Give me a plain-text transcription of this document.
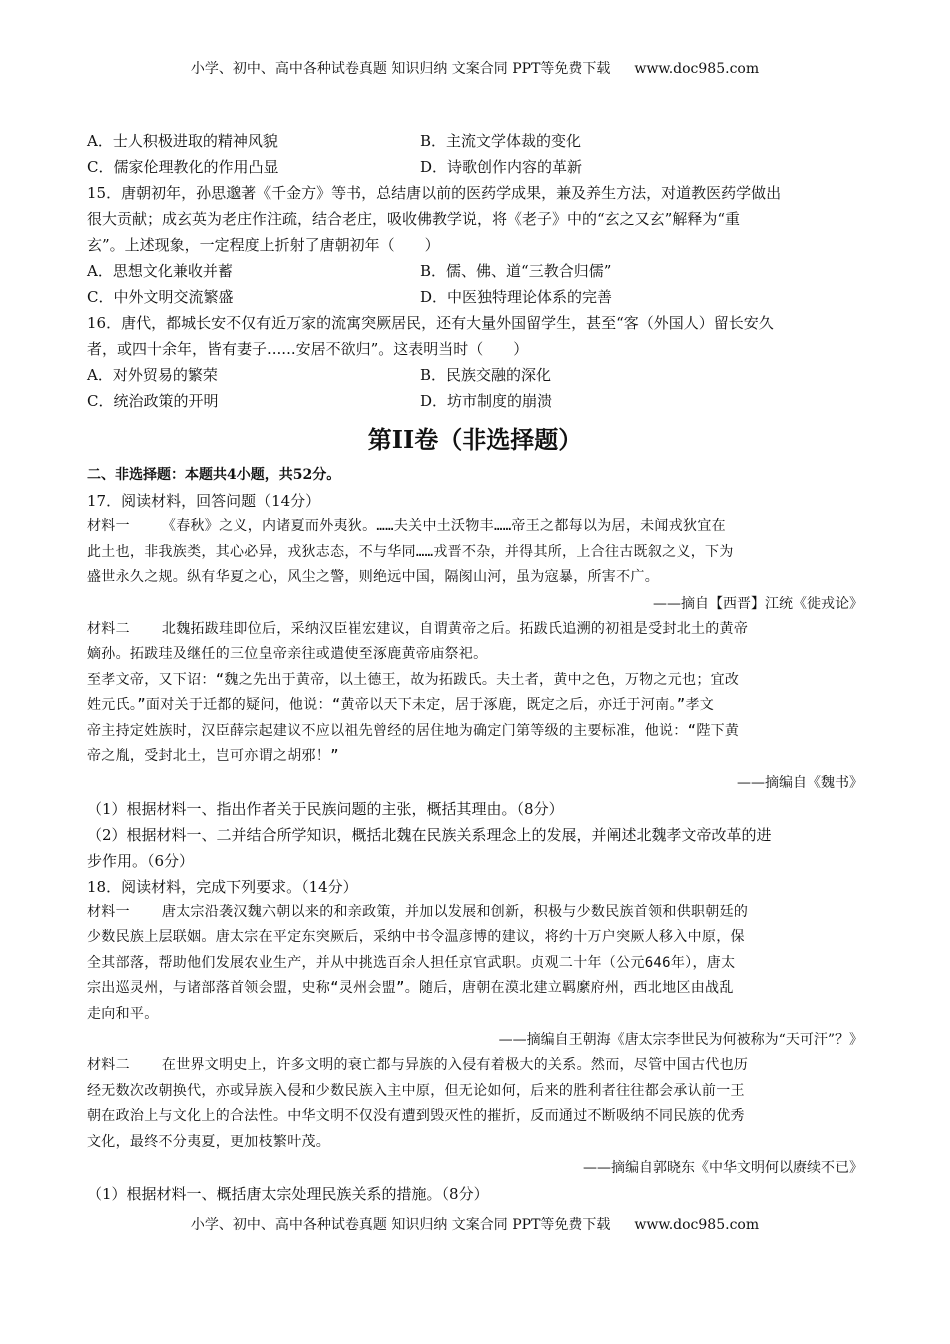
小学、初中、高中各种试卷真题 知识归纳 文案合同 PPT等免费下载 www.doc985.com
A．士人积极进取的精神风貌	B．主流文学体裁的变化
C．儒家伦理教化的作用凸显	D．诗歌创作内容的革新
15．唐朝初年，孙思邈著《千金方》等书，总结唐以前的医药学成果，兼及养生方法，对道教医药学做出
很大贡献；成玄英为老庄作注疏，结合老庄，吸收佛教学说，将《老子》中的“玄之又玄”解释为“重
玄”。上述现象，一定程度上折射了唐朝初年（　　）
A．思想文化兼收并蓄	B．儒、佛、道“三教合归儒”
C．中外文明交流繁盛	D．中医独特理论体系的完善
16．唐代，都城长安不仅有近万家的流寓突厥居民，还有大量外国留学生，甚至“客（外国人）留长安久
者，或四十余年，皆有妻子......安居不欲归”。这表明当时（　　）
A．对外贸易的繁荣	B．民族交融的深化
C．统治政策的开明	D．坊市制度的崩溃
第II卷（非选择题）
二、非选择题：本题共4小题，共52分。
17．阅读材料，回答问题（14分）
材料一 《春秋》之义，内诸夏而外夷狄。……夫关中土沃物丰……帝王之都每以为居，未闻戎狄宜在
此土也，非我族类，其心必异，戎狄志态，不与华同……戎晋不杂，并得其所，上合往古既叙之义，下为
盛世永久之规。纵有华夏之心，风尘之警，则绝远中国，隔阂山河，虽为寇暴，所害不广。
——摘自【西晋】江统《徙戎论》
材料二 北魏拓跋珪即位后，采纳汉臣崔宏建议，自谓黄帝之后。拓跋氏追溯的初祖是受封北土的黄帝
嫡孙。拓跋珪及继任的三位皇帝亲往或遣使至涿鹿黄帝庙祭祀。
至孝文帝，又下诏：“魏之先出于黄帝，以土德王，故为拓跋氏。夫土者，黄中之色，万物之元也；宜改
姓元氏。”面对关于迁都的疑问，他说：“黄帝以天下未定，居于涿鹿，既定之后，亦迁于河南。”孝文
帝主持定姓族时，汉臣薛宗起建议不应以祖先曾经的居住地为确定门第等级的主要标准，他说：“陛下黄
帝之胤，受封北土，岂可亦谓之胡邪！”
——摘编自《魏书》
（1）根据材料一、指出作者关于民族问题的主张，概括其理由。（8分）
（2）根据材料一、二并结合所学知识，概括北魏在民族关系理念上的发展，并阐述北魏孝文帝改革的进
步作用。（6分）
18．阅读材料，完成下列要求。（14分）
材料一 唐太宗沿袭汉魏六朝以来的和亲政策，并加以发展和创新，积极与少数民族首领和供职朝廷的
少数民族上层联姻。唐太宗在平定东突厥后，采纳中书令温彦博的建议，将约十万户突厥人移入中原，保
全其部落，帮助他们发展农业生产，并从中挑选百余人担任京官武职。贞观二十年（公元646年），唐太
宗出巡灵州，与诸部落首领会盟，史称“灵州会盟”。随后，唐朝在漠北建立羁縻府州，西北地区由战乱
走向和平。
——摘编自王朝海《唐太宗李世民为何被称为“天可汗”？》
材料二 在世界文明史上，许多文明的衰亡都与异族的入侵有着极大的关系。然而，尽管中国古代也历
经无数次改朝换代，亦或异族入侵和少数民族入主中原，但无论如何，后来的胜利者往往都会承认前一王
朝在政治上与文化上的合法性。中华文明不仅没有遭到毁灭性的摧折，反而通过不断吸纳不同民族的优秀
文化，最终不分夷夏，更加枝繁叶茂。
——摘编自郭晓东《中华文明何以赓续不已》
（1）根据材料一、概括唐太宗处理民族关系的措施。（8分）
小学、初中、高中各种试卷真题 知识归纳 文案合同 PPT等免费下载 www.doc985.com
